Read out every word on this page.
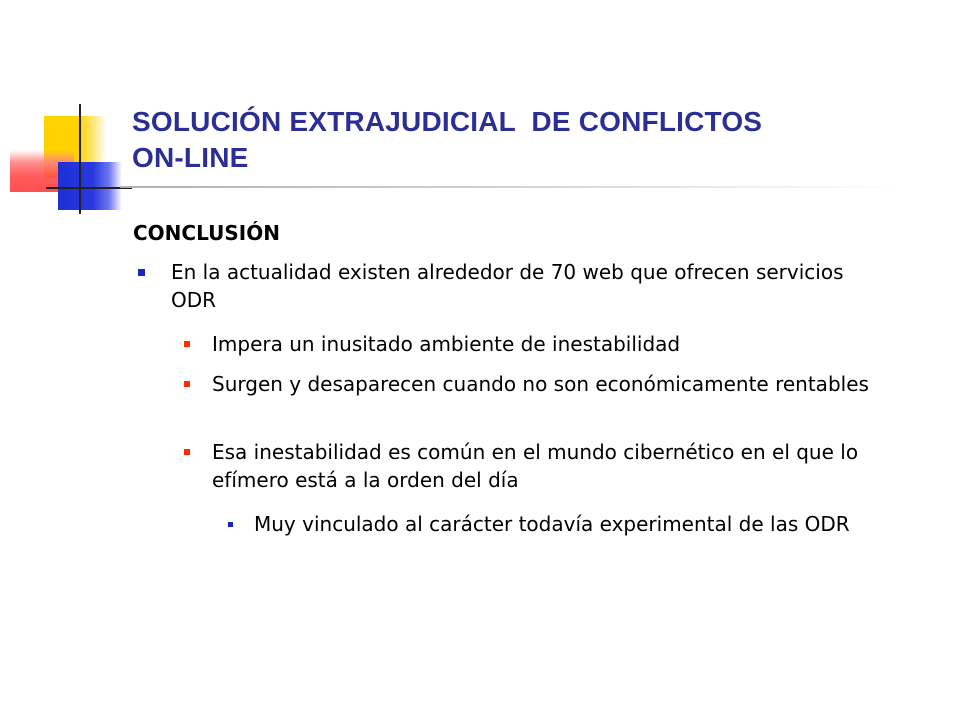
SOLUCIÓN EXTRAJUDICIAL  DE CONFLICTOS
ON-LINE
CONCLUSIÓN
En la actualidad existen alrededor de 70 web que ofrecen servicios ODR
Impera un inusitado ambiente de inestabilidad
Surgen y desaparecen cuando no son económicamente rentables
Esa inestabilidad es común en el mundo cibernético en el que lo efímero está a la orden del día
Muy vinculado al carácter todavía experimental de las ODR
